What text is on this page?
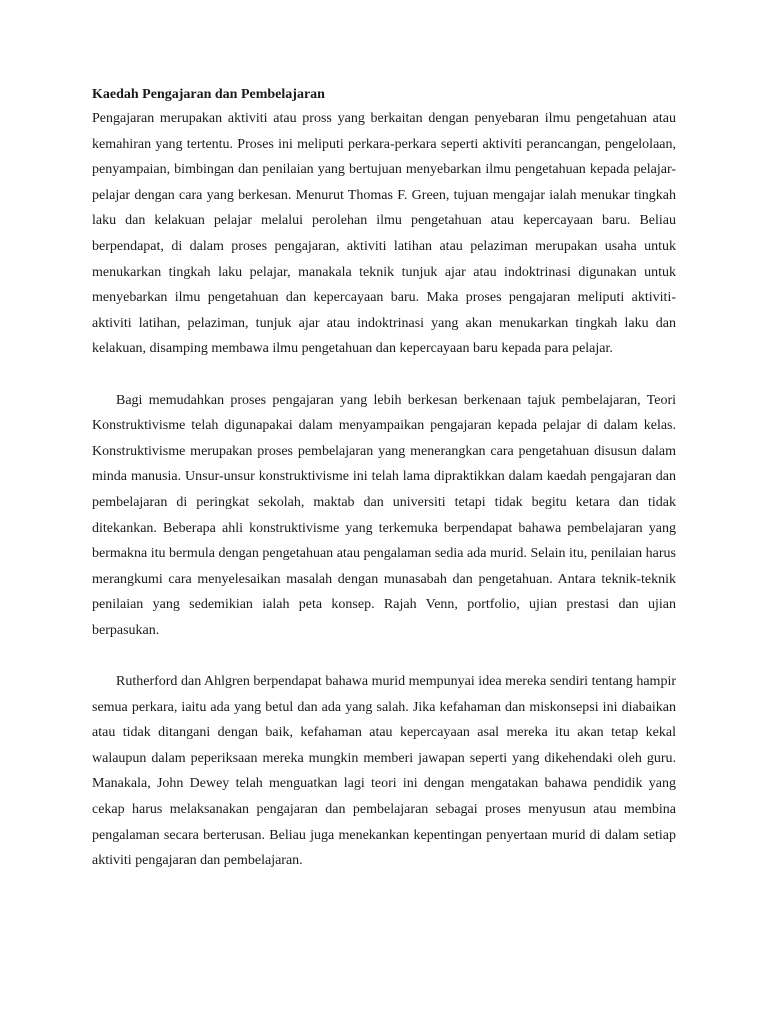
Kaedah Pengajaran dan Pembelajaran

Pengajaran merupakan aktiviti atau pross yang berkaitan dengan penyebaran ilmu pengetahuan atau kemahiran yang tertentu. Proses ini meliputi perkara-perkara seperti aktiviti perancangan, pengelolaan, penyampaian, bimbingan dan penilaian yang bertujuan menyebarkan ilmu pengetahuan kepada pelajar-pelajar dengan cara yang berkesan. Menurut Thomas F. Green, tujuan mengajar ialah menukar tingkah laku dan kelakuan pelajar melalui perolehan ilmu pengetahuan atau kepercayaan baru. Beliau berpendapat, di dalam proses pengajaran, aktiviti latihan atau pelaziman merupakan usaha untuk menukarkan tingkah laku pelajar, manakala teknik tunjuk ajar atau indoktrinasi digunakan untuk menyebarkan ilmu pengetahuan dan kepercayaan baru. Maka proses pengajaran meliputi aktiviti-aktiviti latihan, pelaziman, tunjuk ajar atau indoktrinasi yang akan menukarkan tingkah laku dan kelakuan, disamping membawa ilmu pengetahuan dan kepercayaan baru kepada para pelajar.

Bagi memudahkan proses pengajaran yang lebih berkesan berkenaan tajuk pembelajaran, Teori Konstruktivisme telah digunapakai dalam menyampaikan pengajaran kepada pelajar di dalam kelas. Konstruktivisme merupakan proses pembelajaran yang menerangkan cara pengetahuan disusun dalam minda manusia. Unsur-unsur konstruktivisme ini telah lama dipraktikkan dalam kaedah pengajaran dan pembelajaran di peringkat sekolah, maktab dan universiti tetapi tidak begitu ketara dan tidak ditekankan. Beberapa ahli konstruktivisme yang terkemuka berpendapat bahawa pembelajaran yang bermakna itu bermula dengan pengetahuan atau pengalaman sedia ada murid. Selain itu, penilaian harus merangkumi cara menyelesaikan masalah dengan munasabah dan pengetahuan. Antara teknik-teknik penilaian yang sedemikian ialah peta konsep. Rajah Venn, portfolio, ujian prestasi dan ujian berpasukan.

Rutherford dan Ahlgren berpendapat bahawa murid mempunyai idea mereka sendiri tentang hampir semua perkara, iaitu ada yang betul dan ada yang salah. Jika kefahaman dan miskonsepsi ini diabaikan atau tidak ditangani dengan baik, kefahaman atau kepercayaan asal mereka itu akan tetap kekal walaupun dalam peperiksaan mereka mungkin memberi jawapan seperti yang dikehendaki oleh guru. Manakala, John Dewey telah menguatkan lagi teori ini dengan mengatakan bahawa pendidik yang cekap harus melaksanakan pengajaran dan pembelajaran sebagai proses menyusun atau membina pengalaman secara berterusan. Beliau juga menekankan kepentingan penyertaan murid di dalam setiap aktiviti pengajaran dan pembelajaran.
